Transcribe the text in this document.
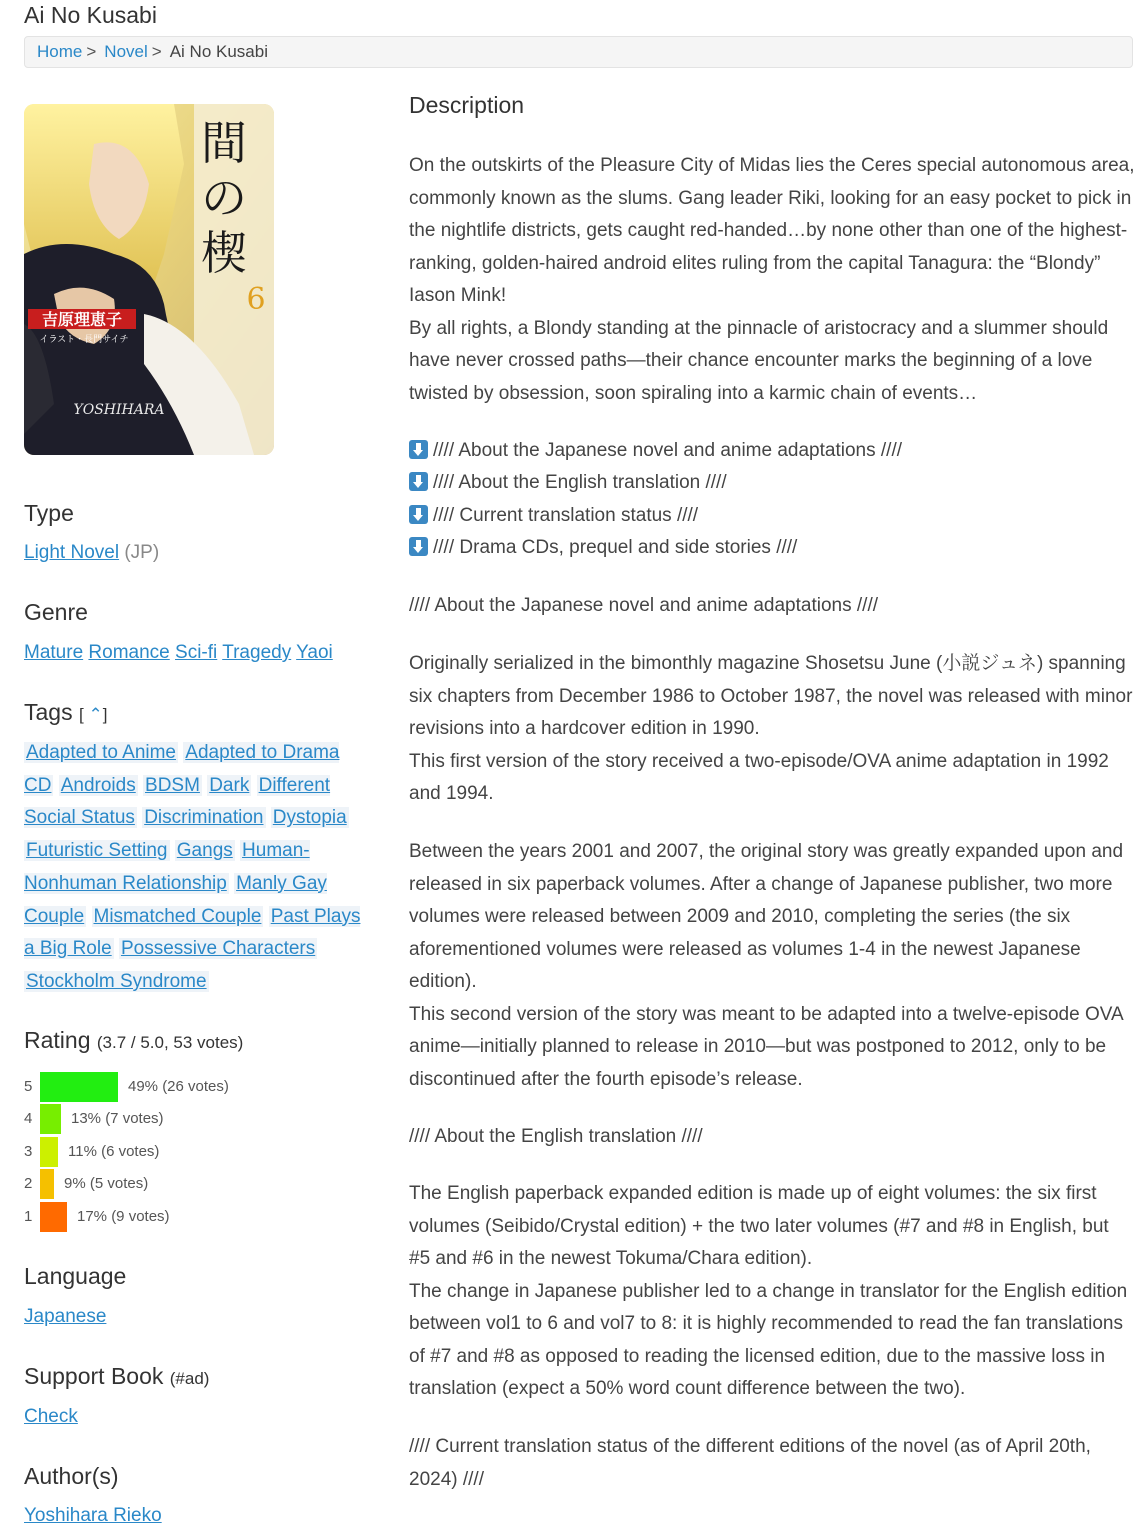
Ai No Kusabi
Home > Novel > Ai No Kusabi
間
の
楔
6
吉原理恵子
イラスト・長門サイチ
YOSHIHARA
Type
Light Novel (JP)
Genre
Mature Romance Sci-fi Tragedy Yaoi
Tags [ ⌃]
Adapted to Anime Adapted to Drama CD Androids BDSM Dark Different Social Status Discrimination Dystopia Futuristic Setting Gangs Human-Nonhuman Relationship Manly Gay Couple Mismatched Couple Past Plays a Big Role Possessive Characters Stockholm Syndrome
Rating (3.7 / 5.0, 53 votes)
5	49% (26 votes)
4	13% (7 votes)
3	11% (6 votes)
2	9% (5 votes)
1	17% (9 votes)
Language
Japanese
Support Book (#ad)
Check
Author(s)
Yoshihara Rieko
Description

On the outskirts of the Pleasure City of Midas lies the Ceres special autonomous area, commonly known as the slums. Gang leader Riki, looking for an easy pocket to pick in the nightlife districts, gets caught red-handed…by none other than one of the highest-ranking, golden-haired android elites ruling from the capital Tanagura: the “Blondy” Iason Mink!

By all rights, a Blondy standing at the pinnacle of aristocracy and a slummer should have never crossed paths—their chance encounter marks the beginning of a love twisted by obsession, soon spiraling into a karmic chain of events…

//// About the Japanese novel and anime adaptations ////
//// About the English translation ////
//// Current translation status ////
//// Drama CDs, prequel and side stories ////
//// About the Japanese novel and anime adaptations ////

Originally serialized in the bimonthly magazine Shosetsu June (小説ジュネ) spanning six chapters from December 1986 to October 1987, the novel was released with minor revisions into a hardcover edition in 1990.

This first version of the story received a two-episode/OVA anime adaptation in 1992 and 1994.

Between the years 2001 and 2007, the original story was greatly expanded upon and released in six paperback volumes. After a change of Japanese publisher, two more volumes were released between 2009 and 2010, completing the series (the six aforementioned volumes were released as volumes 1-4 in the newest Japanese edition).

This second version of the story was meant to be adapted into a twelve-episode OVA anime—initially planned to release in 2010—but was postponed to 2012, only to be discontinued after the fourth episode’s release.

//// About the English translation ////

The English paperback expanded edition is made up of eight volumes: the six first volumes (Seibido/Crystal edition) + the two later volumes (#7 and #8 in English, but #5 and #6 in the newest Tokuma/Chara edition).

The change in Japanese publisher led to a change in translator for the English edition between vol1 to 6 and vol7 to 8: it is highly recommended to read the fan translations of #7 and #8 as opposed to reading the licensed edition, due to the massive loss in translation (expect a 50% word count difference between the two).

//// Current translation status of the different editions of the novel (as of April 20th, 2024) ////
